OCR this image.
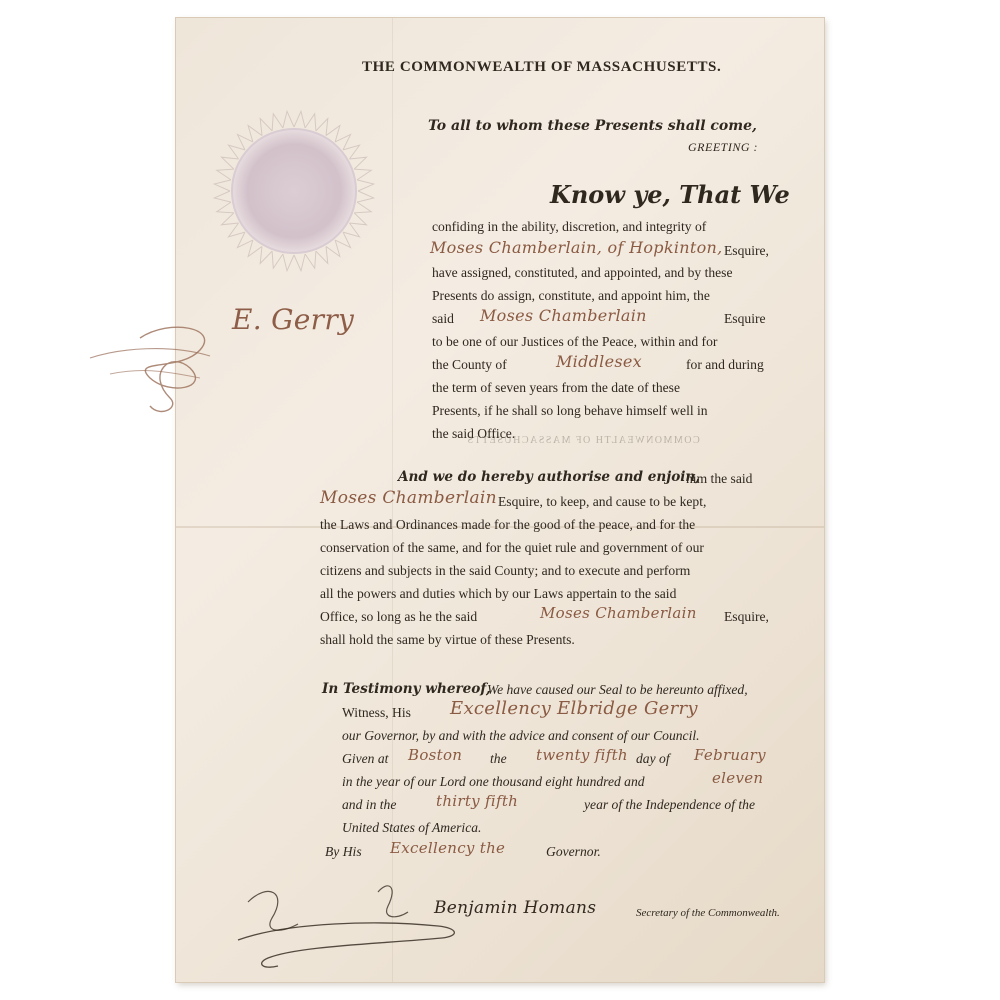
E. Gerry
THE COMMONWEALTH OF MASSACHUSETTS.
To all to whom these Presents shall come,
GREETING :
Know ye, That We
confiding in the ability, discretion, and integrity of
Moses Chamberlain, of Hopkinton, Esquire,
have assigned, constituted, and appointed, and by these
Presents do assign, constitute, and appoint him, the
said Moses Chamberlain	Esquire
to be one of our Justices of the Peace, within and for
the County of	Middlesex	for and during
the term of seven years from the date of these
Presents, if he shall so long behave himself well in
the said Office.
COMMONWEALTH OF MASSACHUSETTS
And we do hereby authorise and enjoin,
him the said
Moses Chamberlain Esquire, to keep, and cause to be kept,
the Laws and Ordinances made for the good of the peace, and for the
conservation of the same, and for the quiet rule and government of our
citizens and subjects in the said County; and to execute and perform
all the powers and duties which by our Laws appertain to the said
Office, so long as he the said	Moses Chamberlain Esquire,
shall hold the same by virtue of these Presents.
In Testimony whereof,
We have caused our Seal to be hereunto affixed,
Witness, His Excellency Elbridge Gerry
our Governor, by and with the advice and consent of our Council.
Given at Boston the twenty fifth day of February
in the year of our Lord one thousand eight hundred and	eleven
and in the	thirty fifth	year of the Independence of the
United States of America.
By His Excellency the	Governor.
Benjamin Homans	Secretary of the Commonwealth.
